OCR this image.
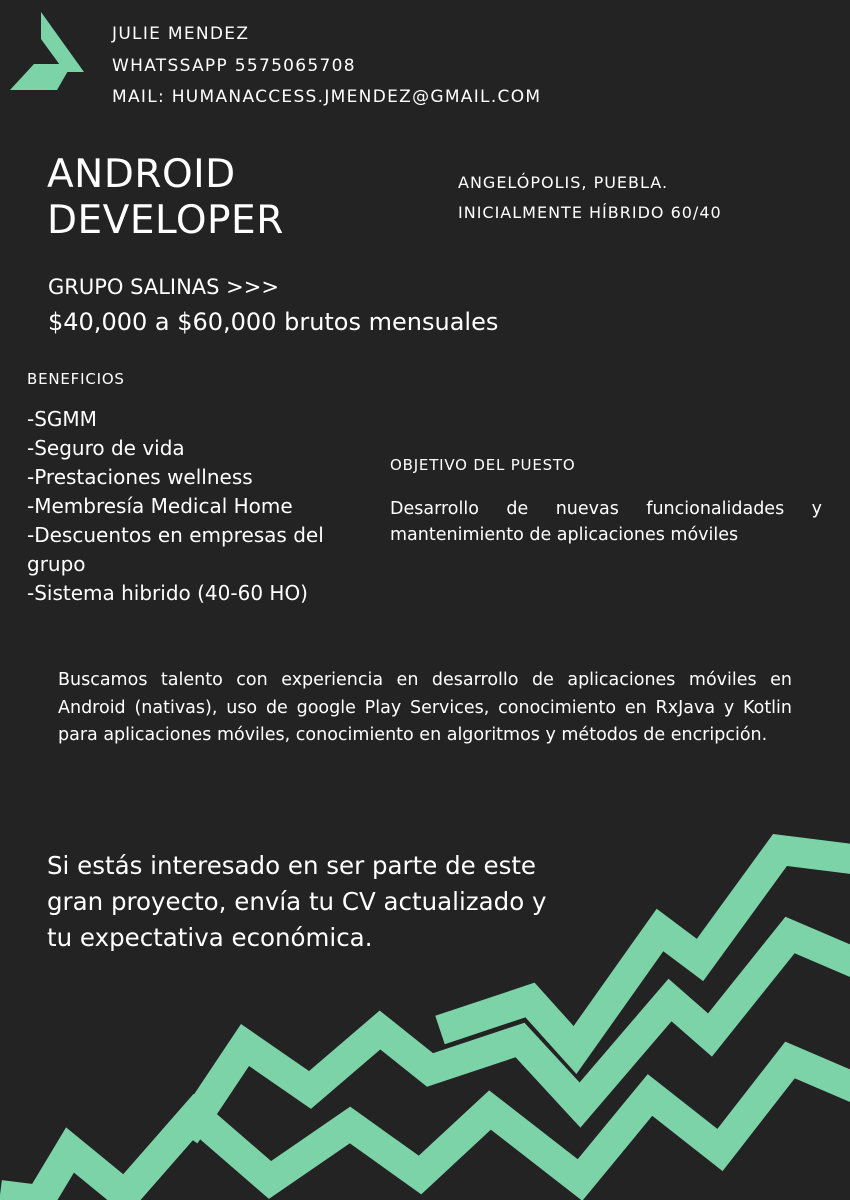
JULIE MENDEZ
WHATSSAPP 5575065708
MAIL: HUMANACCESS.JMENDEZ@GMAIL.COM
ANDROID
DEVELOPER
ANGELÓPOLIS, PUEBLA.
INICIALMENTE HÍBRIDO 60/40
GRUPO SALINAS >>>
$40,000 a $60,000 brutos mensuales
BENEFICIOS
-SGMM
-Seguro de vida
-Prestaciones wellness
-Membresía Medical Home
-Descuentos en empresas del grupo
-Sistema hibrido (40-60 HO)
OBJETIVO DEL PUESTO
Desarrollo de nuevas funcionalidades y mantenimiento de aplicaciones móviles
Buscamos talento con experiencia en desarrollo de aplicaciones móviles en Android (nativas), uso de google Play Services, conocimiento en RxJava y Kotlin para aplicaciones móviles, conocimiento en algoritmos y métodos de encripción.
Si estás interesado en ser parte de este gran proyecto, envía tu CV actualizado y tu expectativa económica.
